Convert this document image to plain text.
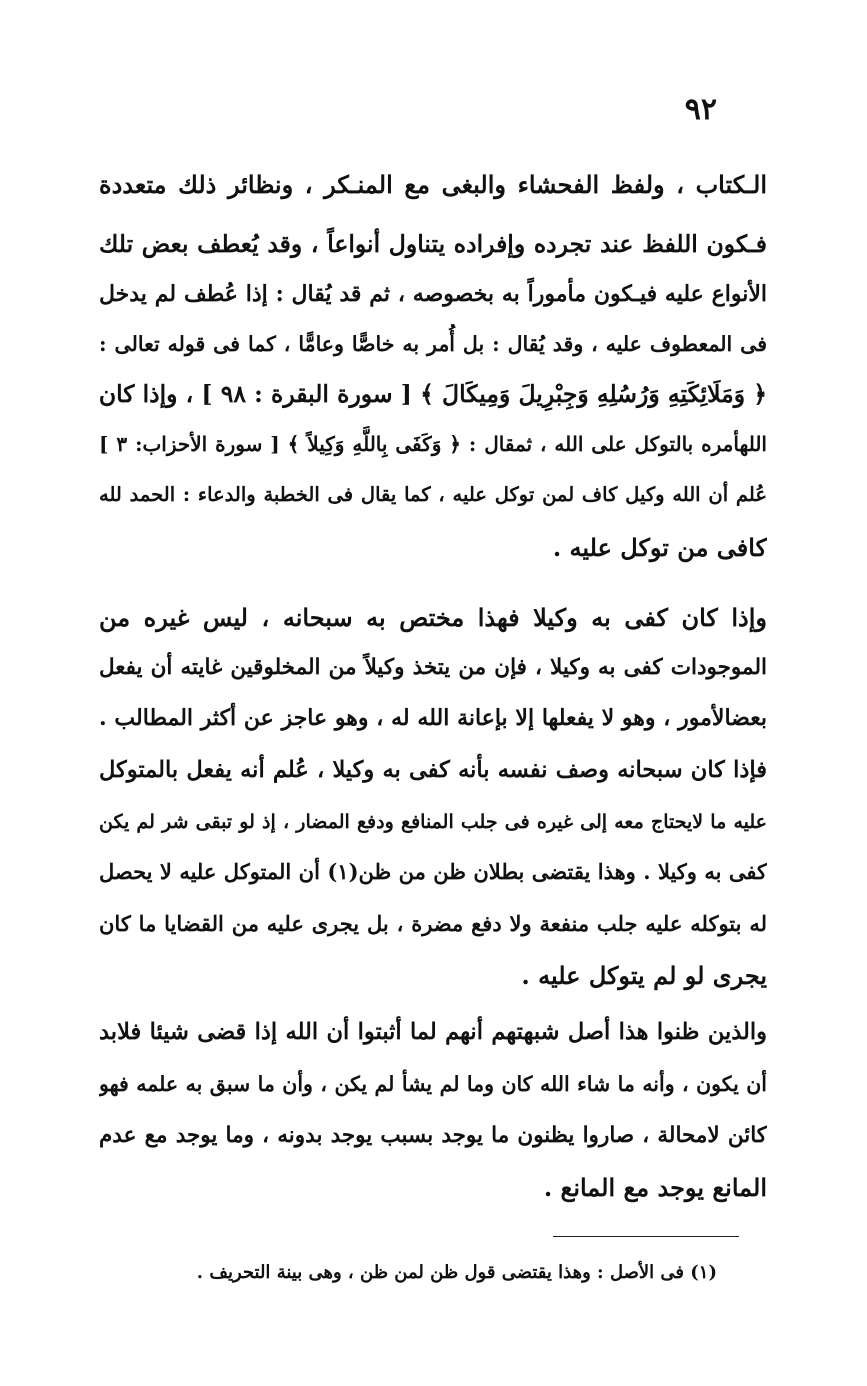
٩٢
الـكتاب ، ولفظ الفحشاء والبغى مع المنـكر ، ونظائر ذلك متعددة
فـكون اللفظ عند تجرده وإفراده يتناول أنواعاً ، وقد يُعطف بعض تلك
الأنواع عليه فيـكون مأموراً به بخصوصه ، ثم قد يُقال : إذا عُطف لم يدخل
فى المعطوف عليه ، وقد يُقال : بل أُمر به خاصًّا وعامًّا ، كما فى قوله تعالى :
﴿ وَمَلَائِكَتِهِ وَرُسُلِهِ وَجِبْرِيلَ وَمِيكَالَ ﴾ [ سورة البقرة : ٩٨ ] ، وإذا كان
اللهأمره بالتوكل على الله ، ثمقال : ﴿ وَكَفَى بِاللَّهِ وَكِيلاً ﴾ [ سورة الأحزاب: ٣ ]
عُلم أن الله وكيل كاف لمن توكل عليه ، كما يقال فى الخطبة والدعاء : الحمد لله
كافى من توكل عليه .
وإذا كان كفى به وكيلا فهذا مختص به سبحانه ، ليس غيره من
الموجودات كفى به وكيلا ، فإن من يتخذ وكيلاً من المخلوقين غايته أن يفعل
بعضالأمور ، وهو لا يفعلها إلا بإعانة الله له ، وهو عاجز عن أكثر المطالب .
فإذا كان سبحانه وصف نفسه بأنه كفى به وكيلا ، عُلم أنه يفعل بالمتوكل
عليه ما لايحتاج معه إلى غيره فى جلب المنافع ودفع المضار ، إذ لو تبقى شر لم يكن
كفى به وكيلا . وهذا يقتضى بطلان ظن من ظن(١) أن المتوكل عليه لا يحصل
له بتوكله عليه جلب منفعة ولا دفع مضرة ، بل يجرى عليه من القضايا ما كان
يجرى لو لم يتوكل عليه .
والذين ظنوا هذا أصل شبهتهم أنهم لما أثبتوا أن الله إذا قضى شيئا فلابد
أن يكون ، وأنه ما شاء الله كان وما لم يشأ لم يكن ، وأن ما سبق به علمه فهو
كائن لامحالة ، صاروا يظنون ما يوجد بسبب يوجد بدونه ، وما يوجد مع عدم
المانع يوجد مع المانع .
(١) فى الأصل : وهذا يقتضى قول ظن لمن ظن ، وهى بينة التحريف .
